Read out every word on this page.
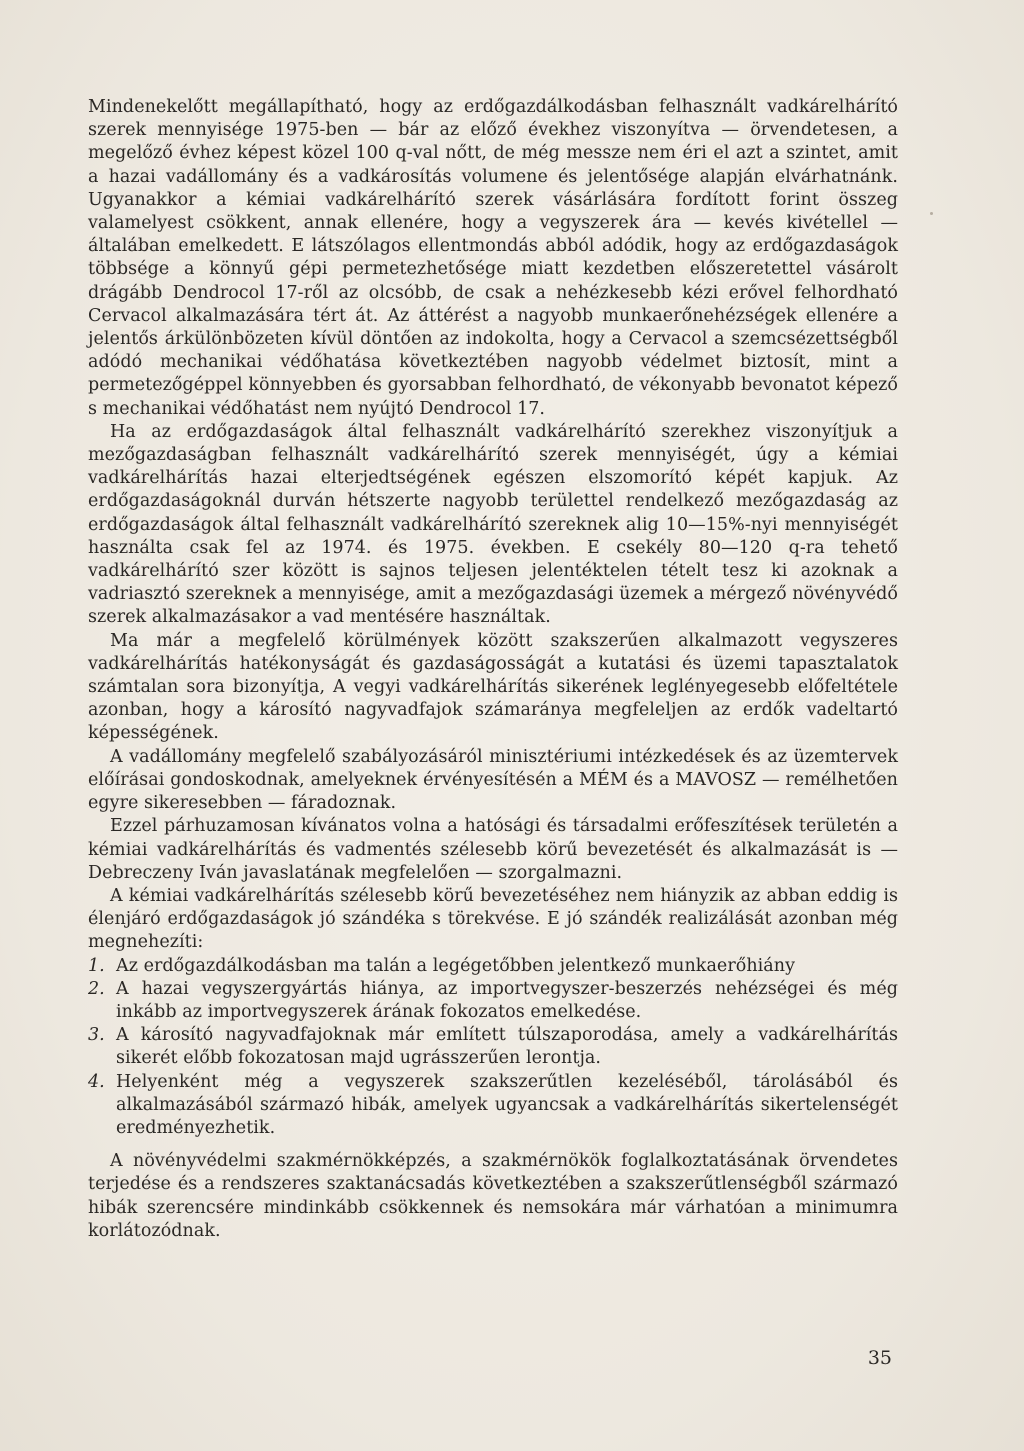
Mindenekelőtt megállapítható, hogy az erdőgazdálkodásban felhasznált vadkárelhárító szerek mennyisége 1975-ben — bár az előző évekhez viszonyítva — örvendetesen, a megelőző évhez képest közel 100 q-val nőtt, de még messze nem éri el azt a szintet, amit a hazai vadállomány és a vadkárosítás volumene és jelentősége alapján elvárhatnánk. Ugyanakkor a kémiai vadkárelhárító szerek vásárlására fordított forint összeg valamelyest csökkent, annak ellenére, hogy a vegyszerek ára — kevés kivétellel — általában emelkedett. E látszólagos ellentmondás abból adódik, hogy az erdőgazdaságok többsége a könnyű gépi permetezhetősége miatt kezdetben előszeretettel vásárolt drágább Dendrocol 17-ről az olcsóbb, de csak a nehézkesebb kézi erővel felhordható Cervacol alkalmazására tért át. Az áttérést a nagyobb munkaerőnehézségek ellenére a jelentős árkülönbözeten kívül döntően az indokolta, hogy a Cervacol a szemcsézettségből adódó mechanikai védőhatása következtében nagyobb védelmet biztosít, mint a permetezőgéppel könnyebben és gyorsabban felhordható, de vékonyabb bevonatot képező s mechanikai védőhatást nem nyújtó Dendrocol 17.

Ha az erdőgazdaságok által felhasznált vadkárelhárító szerekhez viszonyítjuk a mezőgazdaságban felhasznált vadkárelhárító szerek mennyiségét, úgy a kémiai vadkárelhárítás hazai elterjedtségének egészen elszomorító képét kapjuk. Az erdőgazdaságoknál durván hétszerte nagyobb területtel rendelkező mezőgazdaság az erdőgazdaságok által felhasznált vadkárelhárító szereknek alig 10—15%-nyi mennyiségét használta csak fel az 1974. és 1975. években. E csekély 80—120 q-ra tehető vadkárelhárító szer között is sajnos teljesen jelentéktelen tételt tesz ki azoknak a vadriasztó szereknek a mennyisége, amit a mezőgazdasági üzemek a mérgező növényvédő szerek alkalmazásakor a vad mentésére használtak.

Ma már a megfelelő körülmények között szakszerűen alkalmazott vegyszeres vadkárelhárítás hatékonyságát és gazdaságosságát a kutatási és üzemi tapasztalatok számtalan sora bizonyítja, A vegyi vadkárelhárítás sikerének leglényegesebb előfeltétele azonban, hogy a károsító nagyvadfajok számaránya megfeleljen az erdők vadeltartó képességének.

A vadállomány megfelelő szabályozásáról minisztériumi intézkedések és az üzemtervek előírásai gondoskodnak, amelyeknek érvényesítésén a MÉM és a MAVOSZ — remélhetően egyre sikeresebben — fáradoznak.

Ezzel párhuzamosan kívánatos volna a hatósági és társadalmi erőfeszítések területén a kémiai vadkárelhárítás és vadmentés szélesebb körű bevezetését és alkalmazását is — Debreczeny Iván javaslatának megfelelően — szorgalmazni.

A kémiai vadkárelhárítás szélesebb körű bevezetéséhez nem hiányzik az abban eddig is élenjáró erdőgazdaságok jó szándéka s törekvése. E jó szándék realizálását azonban még megnehezíti:

1. Az erdőgazdálkodásban ma talán a legégetőbben jelentkező munkaerőhiány
2. A hazai vegyszergyártás hiánya, az importvegyszer-beszerzés nehézségei és még inkább az importvegyszerek árának fokozatos emelkedése.
3. A károsító nagyvadfajoknak már említett túlszaporodása, amely a vadkárelhárítás sikerét előbb fokozatosan majd ugrásszerűen lerontja.
4. Helyenként még a vegyszerek szakszerűtlen kezeléséből, tárolásából és alkalmazásából származó hibák, amelyek ugyancsak a vadkárelhárítás sikertelenségét eredményezhetik.

A növényvédelmi szakmérnökképzés, a szakmérnökök foglalkoztatásának örvendetes terjedése és a rendszeres szaktanácsadás következtében a szakszerűtlenségből származó hibák szerencsére mindinkább csökkennek és nemsokára már várhatóan a minimumra korlátozódnak.

35
